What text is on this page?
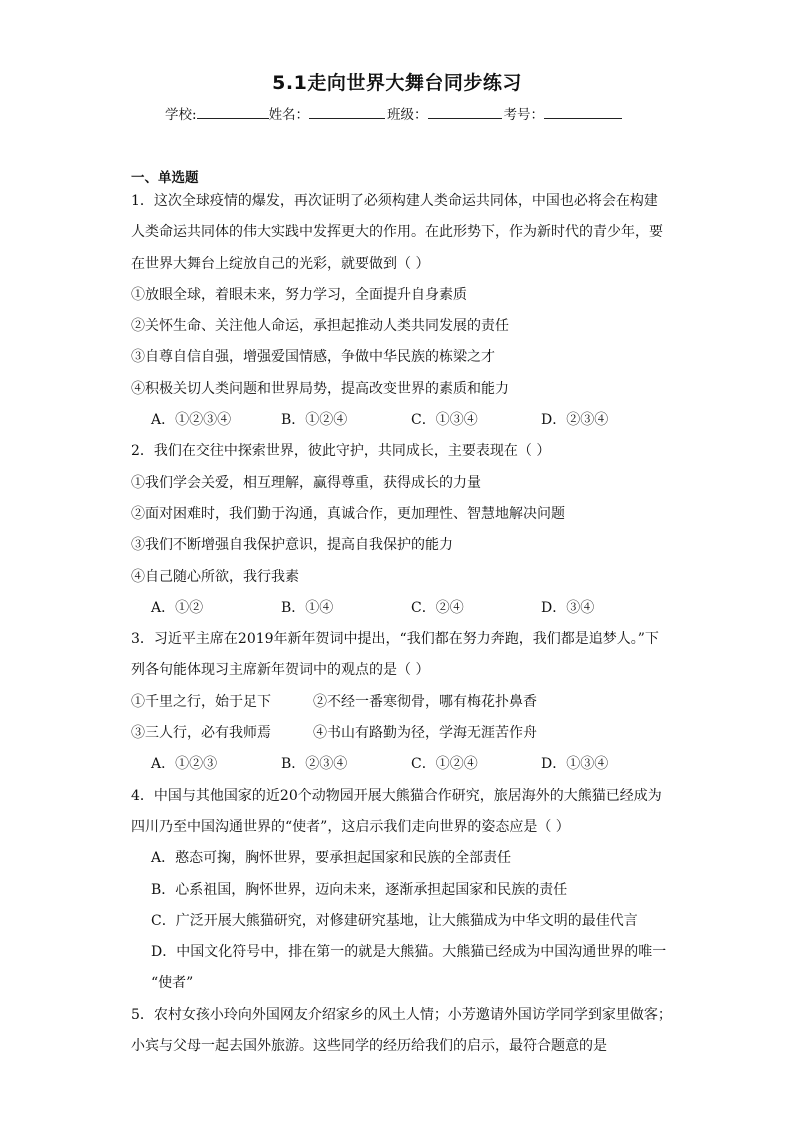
5.1走向世界大舞台同步练习
学校:	姓名：	班级：	考号：
一、单选题
1．这次全球疫情的爆发，再次证明了必须构建人类命运共同体，中国也必将会在构建
人类命运共同体的伟大实践中发挥更大的作用。在此形势下，作为新时代的青少年，要
在世界大舞台上绽放自己的光彩，就要做到（ ）
①放眼全球，着眼未来，努力学习，全面提升自身素质
②关怀生命、关注他人命运，承担起推动人类共同发展的责任
③自尊自信自强，增强爱国情感，争做中华民族的栋梁之才
④积极关切人类问题和世界局势，提高改变世界的素质和能力
A．①②③④	B．①②④	C．①③④	D．②③④
2．我们在交往中探索世界，彼此守护，共同成长，主要表现在（ ）
①我们学会关爱，相互理解，赢得尊重，获得成长的力量
②面对困难时，我们勤于沟通，真诚合作，更加理性、智慧地解决问题
③我们不断增强自我保护意识，提高自我保护的能力
④自己随心所欲，我行我素
A．①②	B．①④	C．②④	D．③④
3．习近平主席在2019年新年贺词中提出，“我们都在努力奔跑，我们都是追梦人。”下
列各句能体现习主席新年贺词中的观点的是（ ）
①千里之行，始于足下	②不经一番寒彻骨，哪有梅花扑鼻香
③三人行，必有我师焉	④书山有路勤为径，学海无涯苦作舟
A．①②③	B．②③④	C．①②④	D．①③④
4．中国与其他国家的近20个动物园开展大熊猫合作研究，旅居海外的大熊猫已经成为
四川乃至中国沟通世界的“使者”，这启示我们走向世界的姿态应是（ ）
A．憨态可掬，胸怀世界，要承担起国家和民族的全部责任
B．心系祖国，胸怀世界，迈向未来，逐渐承担起国家和民族的责任
C．广泛开展大熊猫研究，对修建研究基地，让大熊猫成为中华文明的最佳代言
D．中国文化符号中，排在第一的就是大熊猫。大熊猫已经成为中国沟通世界的唯一
“使者”
5．农村女孩小玲向外国网友介绍家乡的风土人情；小芳邀请外国访学同学到家里做客；
小宾与父母一起去国外旅游。这些同学的经历给我们的启示，最符合题意的是
